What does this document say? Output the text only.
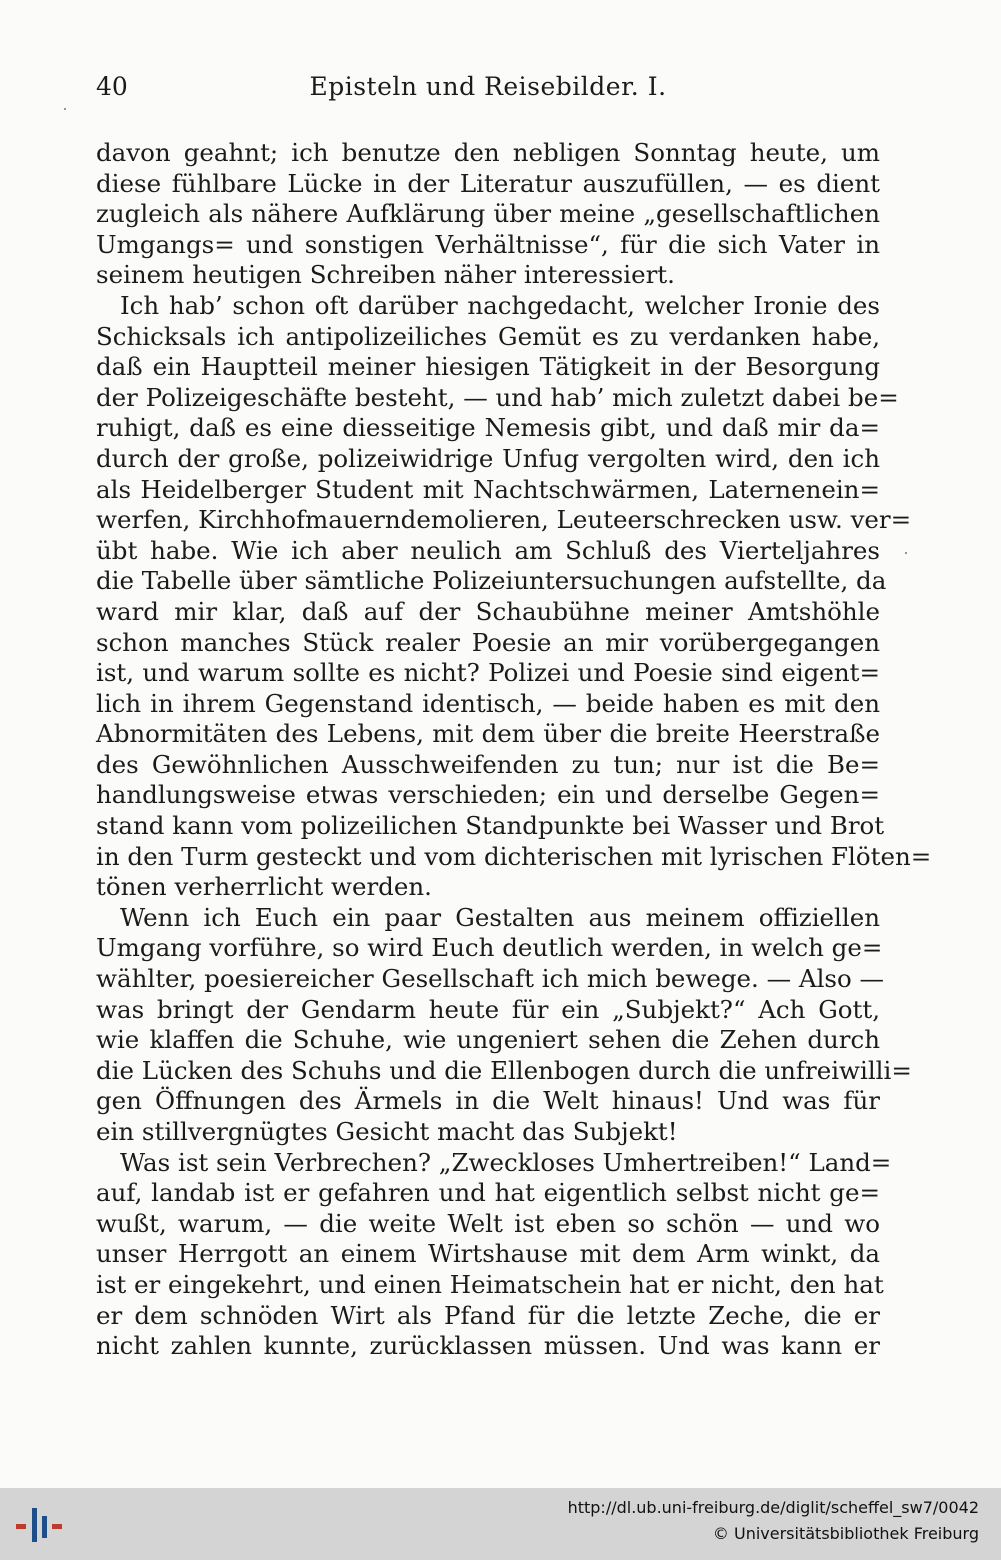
40	Episteln und Reisebilder. I.
davon geahnt; ich benutze den nebligen Sonntag heute, um
diese fühlbare Lücke in der Literatur auszufüllen, — es dient
zugleich als nähere Aufklärung über meine „gesellschaftlichen
Umgangs= und sonstigen Verhältnisse“, für die sich Vater in
seinem heutigen Schreiben näher interessiert.
Ich hab’ schon oft darüber nachgedacht, welcher Ironie des
Schicksals ich antipolizeiliches Gemüt es zu verdanken habe,
daß ein Hauptteil meiner hiesigen Tätigkeit in der Besorgung
der Polizeigeschäfte besteht, — und hab’ mich zuletzt dabei be=
ruhigt, daß es eine diesseitige Nemesis gibt, und daß mir da=
durch der große, polizeiwidrige Unfug vergolten wird, den ich
als Heidelberger Student mit Nachtschwärmen, Laternenein=
werfen, Kirchhofmauerndemolieren, Leuteerschrecken usw. ver=
übt habe. Wie ich aber neulich am Schluß des Vierteljahres
die Tabelle über sämtliche Polizeiuntersuchungen aufstellte, da
ward mir klar, daß auf der Schaubühne meiner Amtshöhle
schon manches Stück realer Poesie an mir vorübergegangen
ist, und warum sollte es nicht? Polizei und Poesie sind eigent=
lich in ihrem Gegenstand identisch, — beide haben es mit den
Abnormitäten des Lebens, mit dem über die breite Heerstraße
des Gewöhnlichen Ausschweifenden zu tun; nur ist die Be=
handlungsweise etwas verschieden; ein und derselbe Gegen=
stand kann vom polizeilichen Standpunkte bei Wasser und Brot
in den Turm gesteckt und vom dichterischen mit lyrischen Flöten=
tönen verherrlicht werden.
Wenn ich Euch ein paar Gestalten aus meinem offiziellen
Umgang vorführe, so wird Euch deutlich werden, in welch ge=
wählter, poesiereicher Gesellschaft ich mich bewege. — Also —
was bringt der Gendarm heute für ein „Subjekt?“ Ach Gott,
wie klaffen die Schuhe, wie ungeniert sehen die Zehen durch
die Lücken des Schuhs und die Ellenbogen durch die unfreiwilli=
gen Öffnungen des Ärmels in die Welt hinaus! Und was für
ein stillvergnügtes Gesicht macht das Subjekt!
Was ist sein Verbrechen? „Zweckloses Umhertreiben!“ Land=
auf, landab ist er gefahren und hat eigentlich selbst nicht ge=
wußt, warum, — die weite Welt ist eben so schön — und wo
unser Herrgott an einem Wirtshause mit dem Arm winkt, da
ist er eingekehrt, und einen Heimatschein hat er nicht, den hat
er dem schnöden Wirt als Pfand für die letzte Zeche, die er
nicht zahlen kunnte, zurücklassen müssen. Und was kann er
http://dl.ub.uni-freiburg.de/diglit/scheffel_sw7/0042
© Universitätsbibliothek Freiburg
